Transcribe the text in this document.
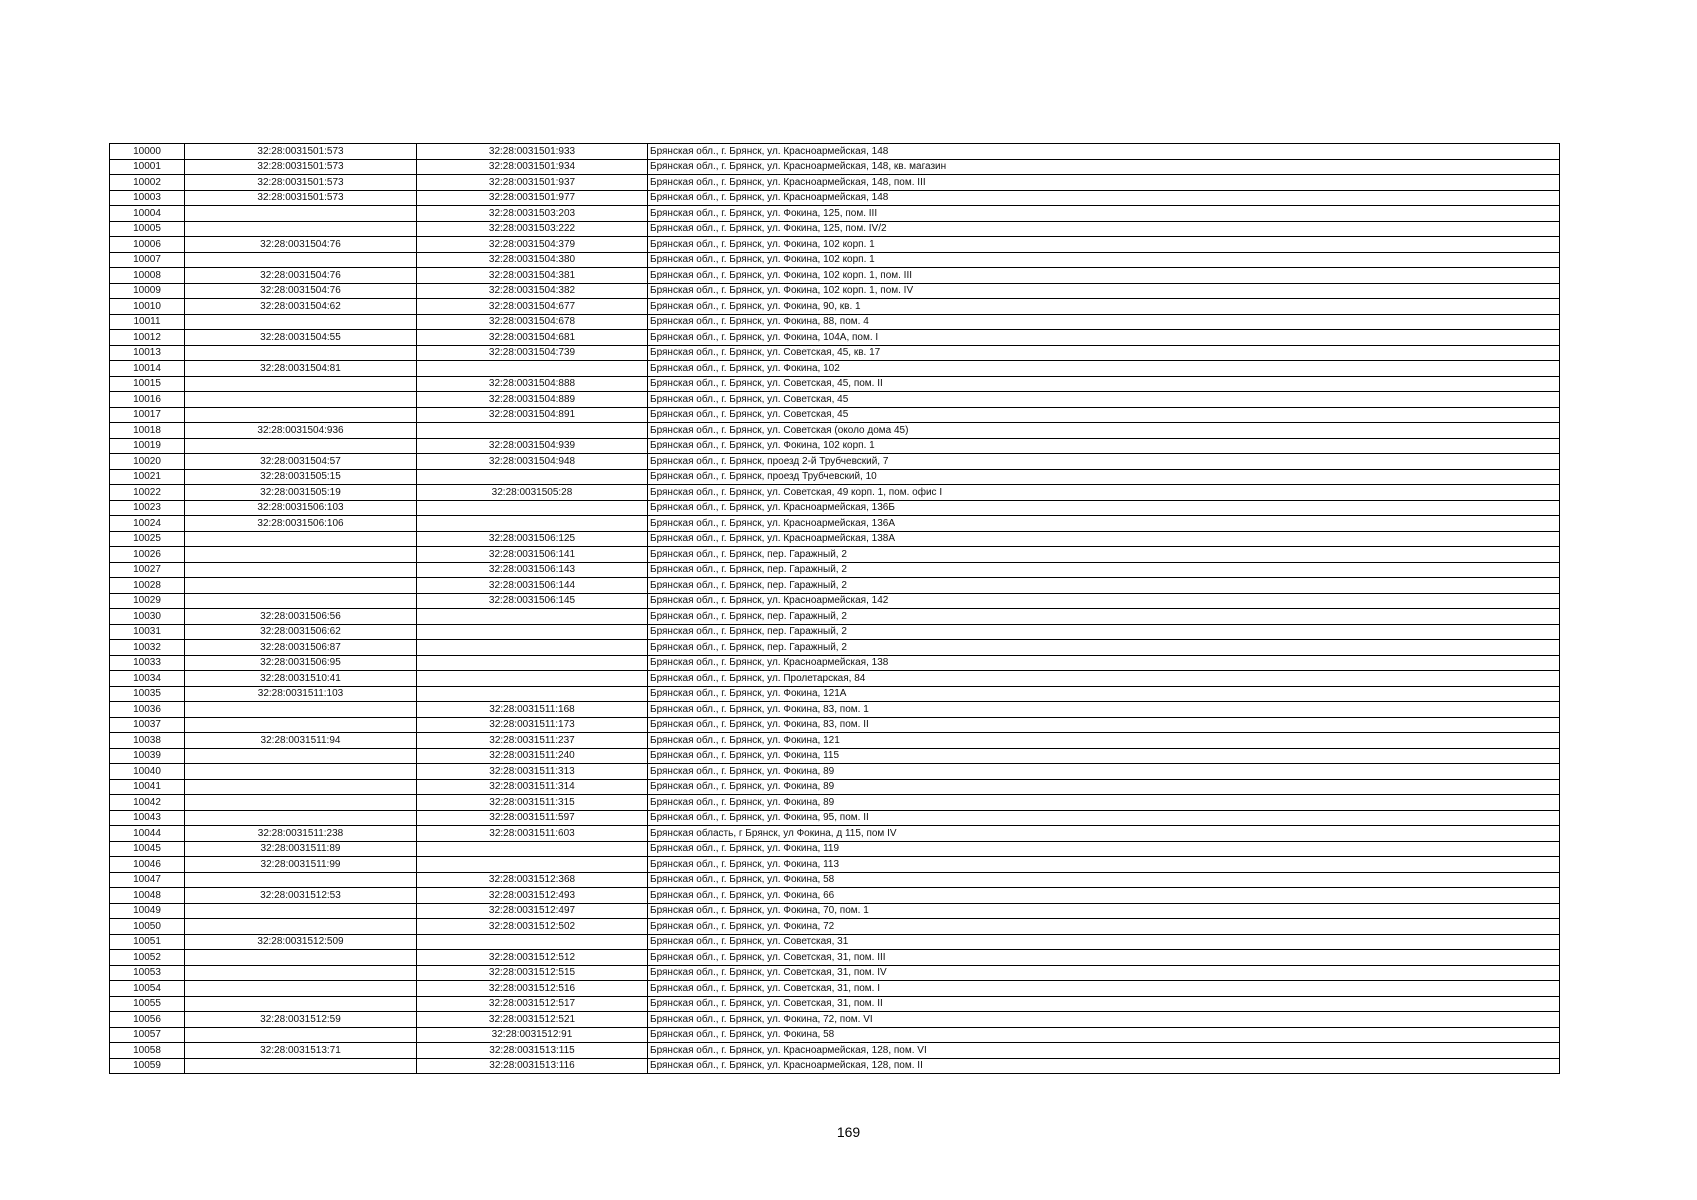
10000	32:28:0031501:573	32:28:0031501:933	Брянская обл., г. Брянск, ул. Красноармейская, 148
10001	32:28:0031501:573	32:28:0031501:934	Брянская обл., г. Брянск, ул. Красноармейская, 148, кв. магазин
10002	32:28:0031501:573	32:28:0031501:937	Брянская обл., г. Брянск, ул. Красноармейская, 148, пом. III
10003	32:28:0031501:573	32:28:0031501:977	Брянская обл., г. Брянск, ул. Красноармейская, 148
10004		32:28:0031503:203	Брянская обл., г. Брянск, ул. Фокина, 125, пом. III
10005		32:28:0031503:222	Брянская обл., г. Брянск, ул. Фокина, 125, пом. IV/2
10006	32:28:0031504:76	32:28:0031504:379	Брянская обл., г. Брянск, ул. Фокина, 102 корп. 1
10007		32:28:0031504:380	Брянская обл., г. Брянск, ул. Фокина, 102 корп. 1
10008	32:28:0031504:76	32:28:0031504:381	Брянская обл., г. Брянск, ул. Фокина, 102 корп. 1, пом. III
10009	32:28:0031504:76	32:28:0031504:382	Брянская обл., г. Брянск, ул. Фокина, 102 корп. 1, пом. IV
10010	32:28:0031504:62	32:28:0031504:677	Брянская обл., г. Брянск, ул. Фокина, 90, кв. 1
10011		32:28:0031504:678	Брянская обл., г. Брянск, ул. Фокина, 88, пом. 4
10012	32:28:0031504:55	32:28:0031504:681	Брянская обл., г. Брянск, ул. Фокина, 104А, пом. I
10013		32:28:0031504:739	Брянская обл., г. Брянск, ул. Советская, 45, кв. 17
10014	32:28:0031504:81		Брянская обл., г. Брянск, ул. Фокина, 102
10015		32:28:0031504:888	Брянская обл., г. Брянск, ул. Советская, 45, пом. II
10016		32:28:0031504:889	Брянская обл., г. Брянск, ул. Советская, 45
10017		32:28:0031504:891	Брянская обл., г. Брянск, ул. Советская, 45
10018	32:28:0031504:936		Брянская обл., г. Брянск, ул. Советская (около дома 45)
10019		32:28:0031504:939	Брянская обл., г. Брянск, ул. Фокина, 102 корп. 1
10020	32:28:0031504:57	32:28:0031504:948	Брянская обл., г. Брянск, проезд 2-й Трубчевский, 7
10021	32:28:0031505:15		Брянская обл., г. Брянск, проезд Трубчевский, 10
10022	32:28:0031505:19	32:28:0031505:28	Брянская обл., г. Брянск, ул. Советская, 49 корп. 1, пом. офис I
10023	32:28:0031506:103		Брянская обл., г. Брянск, ул. Красноармейская, 136Б
10024	32:28:0031506:106		Брянская обл., г. Брянск, ул. Красноармейская, 136А
10025		32:28:0031506:125	Брянская обл., г. Брянск, ул. Красноармейская, 138А
10026		32:28:0031506:141	Брянская обл., г. Брянск, пер. Гаражный, 2
10027		32:28:0031506:143	Брянская обл., г. Брянск, пер. Гаражный, 2
10028		32:28:0031506:144	Брянская обл., г. Брянск, пер. Гаражный, 2
10029		32:28:0031506:145	Брянская обл., г. Брянск, ул. Красноармейская, 142
10030	32:28:0031506:56		Брянская обл., г. Брянск, пер. Гаражный, 2
10031	32:28:0031506:62		Брянская обл., г. Брянск, пер. Гаражный, 2
10032	32:28:0031506:87		Брянская обл., г. Брянск, пер. Гаражный, 2
10033	32:28:0031506:95		Брянская обл., г. Брянск, ул. Красноармейская, 138
10034	32:28:0031510:41		Брянская обл., г. Брянск, ул. Пролетарская, 84
10035	32:28:0031511:103		Брянская обл., г. Брянск, ул. Фокина, 121А
10036		32:28:0031511:168	Брянская обл., г. Брянск, ул. Фокина, 83, пом. 1
10037		32:28:0031511:173	Брянская обл., г. Брянск, ул. Фокина, 83, пом. II
10038	32:28:0031511:94	32:28:0031511:237	Брянская обл., г. Брянск, ул. Фокина, 121
10039		32:28:0031511:240	Брянская обл., г. Брянск, ул. Фокина, 115
10040		32:28:0031511:313	Брянская обл., г. Брянск, ул. Фокина, 89
10041		32:28:0031511:314	Брянская обл., г. Брянск, ул. Фокина, 89
10042		32:28:0031511:315	Брянская обл., г. Брянск, ул. Фокина, 89
10043		32:28:0031511:597	Брянская обл., г. Брянск, ул. Фокина, 95, пом. II
10044	32:28:0031511:238	32:28:0031511:603	Брянская область, г Брянск, ул Фокина, д 115, пом IV
10045	32:28:0031511:89		Брянская обл., г. Брянск, ул. Фокина, 119
10046	32:28:0031511:99		Брянская обл., г. Брянск, ул. Фокина, 113
10047		32:28:0031512:368	Брянская обл., г. Брянск, ул. Фокина, 58
10048	32:28:0031512:53	32:28:0031512:493	Брянская обл., г. Брянск, ул. Фокина, 66
10049		32:28:0031512:497	Брянская обл., г. Брянск, ул. Фокина, 70, пом. 1
10050		32:28:0031512:502	Брянская обл., г. Брянск, ул. Фокина, 72
10051	32:28:0031512:509		Брянская обл., г. Брянск, ул. Советская, 31
10052		32:28:0031512:512	Брянская обл., г. Брянск, ул. Советская, 31, пом. III
10053		32:28:0031512:515	Брянская обл., г. Брянск, ул. Советская, 31, пом. IV
10054		32:28:0031512:516	Брянская обл., г. Брянск, ул. Советская, 31, пом. I
10055		32:28:0031512:517	Брянская обл., г. Брянск, ул. Советская, 31, пом. II
10056	32:28:0031512:59	32:28:0031512:521	Брянская обл., г. Брянск, ул. Фокина, 72, пом. VI
10057		32:28:0031512:91	Брянская обл., г. Брянск, ул. Фокина, 58
10058	32:28:0031513:71	32:28:0031513:115	Брянская обл., г. Брянск, ул. Красноармейская, 128, пом. VI
10059		32:28:0031513:116	Брянская обл., г. Брянск, ул. Красноармейская, 128, пом. II
169
